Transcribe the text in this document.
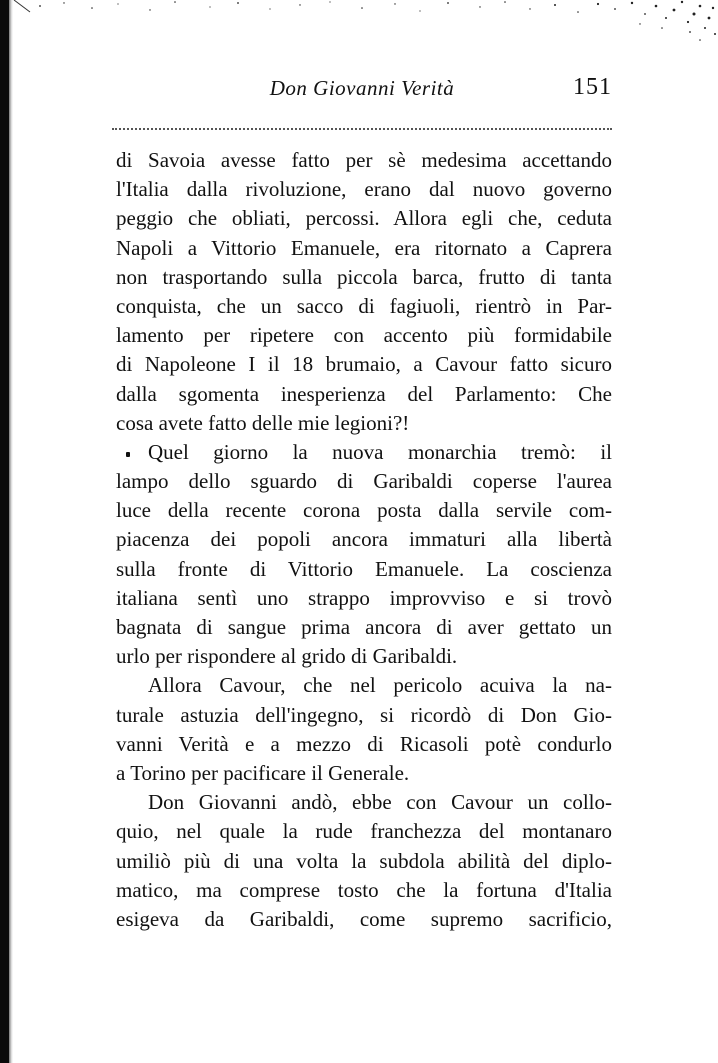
Don Giovanni Verità	151
di Savoia avesse fatto per sè medesima accettando
l'Italia dalla rivoluzione, erano dal nuovo governo
peggio che obliati, percossi. Allora egli che, ceduta
Napoli a Vittorio Emanuele, era ritornato a Caprera
non trasportando sulla piccola barca, frutto di tanta
conquista, che un sacco di fagiuoli, rientrò in Par-
lamento per ripetere con accento più formidabile
di Napoleone I il 18 brumaio, a Cavour fatto sicuro
dalla sgomenta inesperienza del Parlamento: Che
cosa avete fatto delle mie legioni?!
Quel giorno la nuova monarchia tremò: il
lampo dello sguardo di Garibaldi coperse l'aurea
luce della recente corona posta dalla servile com-
piacenza dei popoli ancora immaturi alla libertà
sulla fronte di Vittorio Emanuele. La coscienza
italiana sentì uno strappo improvviso e si trovò
bagnata di sangue prima ancora di aver gettato un
urlo per rispondere al grido di Garibaldi.
Allora Cavour, che nel pericolo acuiva la na-
turale astuzia dell'ingegno, si ricordò di Don Gio-
vanni Verità e a mezzo di Ricasoli potè condurlo
a Torino per pacificare il Generale.
Don Giovanni andò, ebbe con Cavour un collo-
quio, nel quale la rude franchezza del montanaro
umiliò più di una volta la subdola abilità del diplo-
matico, ma comprese tosto che la fortuna d'Italia
esigeva da Garibaldi, come supremo sacrificio,
